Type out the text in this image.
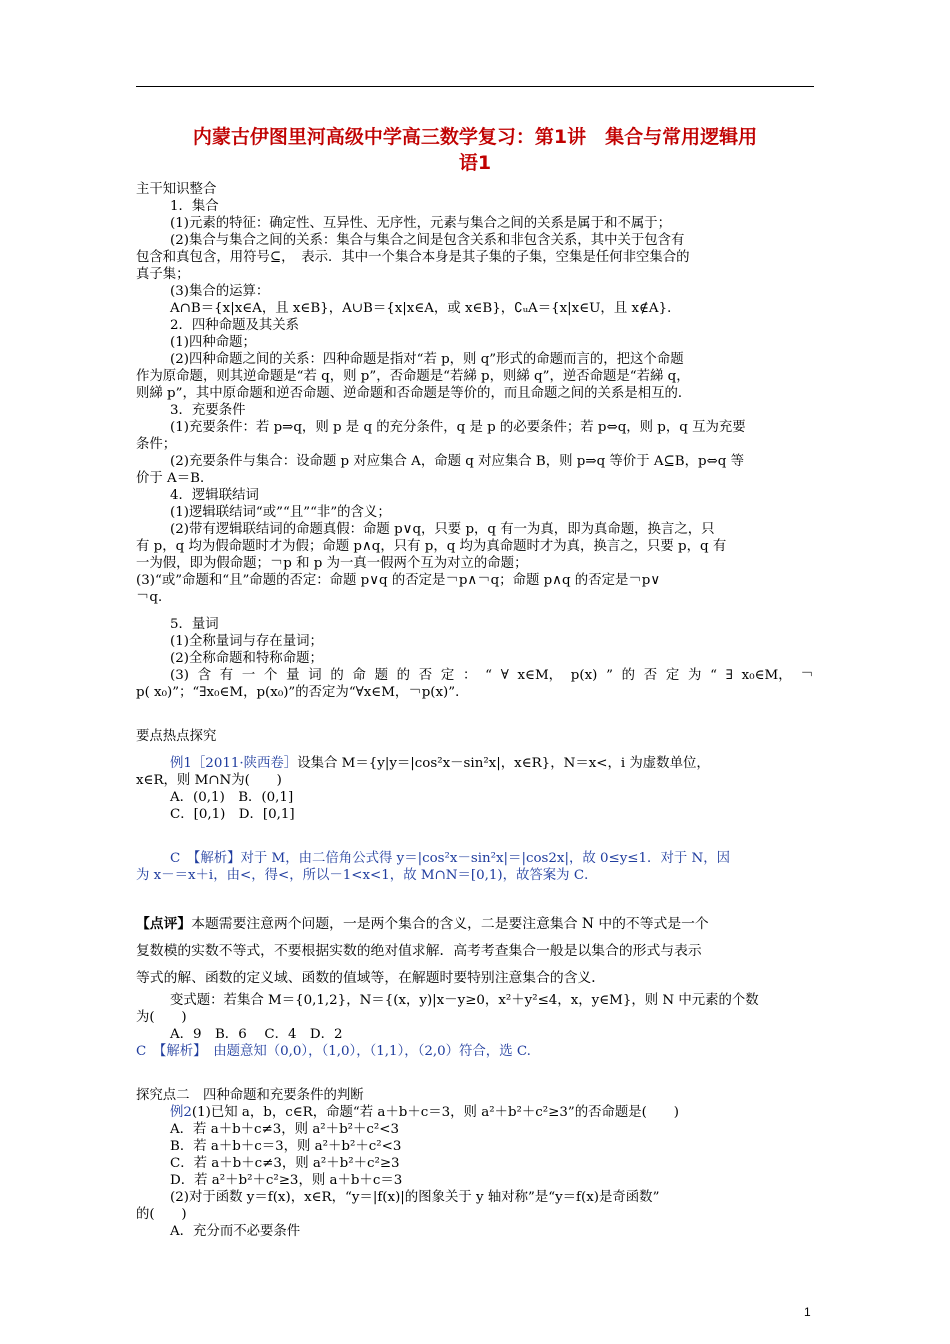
内蒙古伊图里河高级中学高三数学复习：第1讲　集合与常用逻辑用
语1
主干知识整合
1．集合
(1)元素的特征：确定性、互异性、无序性，元素与集合之间的关系是属于和不属于；
(2)集合与集合之间的关系：集合与集合之间是包含关系和非包含关系，其中关于包含有
包含和真包含，用符号⊆，　表示．其中一个集合本身是其子集的子集，空集是任何非空集合的
真子集；
(3)集合的运算：
A∩B＝{x|x∈A，且 x∈B}，A∪B＝{x|x∈A，或 x∈B}，∁ᵤA＝{x|x∈U，且 x∉A}．
2．四种命题及其关系
(1)四种命题；
(2)四种命题之间的关系：四种命题是指对“若 p，则 q”形式的命题而言的，把这个命题
作为原命题，则其逆命题是“若 q，则 p”，否命题是“若綈 p，则綈 q”，逆否命题是“若綈 q，
则綈 p”，其中原命题和逆否命题、逆命题和否命题是等价的，而且命题之间的关系是相互的．
3．充要条件
(1)充要条件：若 p⇒q，则 p 是 q 的充分条件，q 是 p 的必要条件；若 p⇔q，则 p，q 互为充要
条件；
(2)充要条件与集合：设命题 p 对应集合 A，命题 q 对应集合 B，则 p⇒q 等价于 A⊆B，p⇔q 等
价于 A＝B．
4．逻辑联结词
(1)逻辑联结词“或”“且”“非”的含义；
(2)带有逻辑联结词的命题真假：命题 p∨q，只要 p，q 有一为真，即为真命题，换言之，只
有 p，q 均为假命题时才为假；命题 p∧q，只有 p，q 均为真命题时才为真，换言之，只要 p，q 有
一为假，即为假命题；￢p 和 p 为一真一假两个互为对立的命题；
(3)“或”命题和“且”命题的否定：命题 p∨q 的否定是￢p∧￢q；命题 p∧q 的否定是￢p∨
￢q．
5．量词
(1)全称量词与存在量词；
(2)全称命题和特称命题；
(3) 含 有 一 个 量 词 的 命 题 的 否 定 ： “ ∀ x∈M， p(x) ” 的 否 定 为 “ ∃ x₀∈M， ￢
p( x₀)”；“∃x₀∈M，p(x₀)”的否定为“∀x∈M，￢p(x)”．
要点热点探究
例1［2011·陕西卷］设集合 M＝{y|y＝|cos²x－sin²x|，x∈R}，N＝x<，i 为虚数单位，
x∈R，则 M∩N为(　　)
A．(0,1)　B．(0,1]
C．[0,1)　D．[0,1]
C　【解析】对于 M，由二倍角公式得 y＝|cos²x－sin²x|＝|cos2x|，故 0≤y≤1．对于 N，因
为 x－＝x＋i，由<，得<，所以－1<x<1，故 M∩N＝[0,1)，故答案为 C．
【点评】本题需要注意两个问题，一是两个集合的含义，二是要注意集合 N 中的不等式是一个
复数模的实数不等式，不要根据实数的绝对值求解．高考考查集合一般是以集合的形式与表示
等式的解、函数的定义域、函数的值域等，在解题时要特别注意集合的含义．
变式题：若集合 M＝{0,1,2}，N＝{(x，y)|x－y≥0，x²＋y²≤4，x，y∈M}，则 N 中元素的个数
为(　　)
A．9　B．6　 C．4　D．2
C　【解析】　由题意知（0,0），（1,0），（1,1），（2,0）符合，选 C.
探究点二　四种命题和充要条件的判断
例2(1)已知 a，b，c∈R，命题“若 a＋b＋c＝3，则 a²＋b²＋c²≥3”的否命题是(　　)
A．若 a＋b＋c≠3，则 a²＋b²＋c²<3
B．若 a＋b＋c＝3，则 a²＋b²＋c²<3
C．若 a＋b＋c≠3，则 a²＋b²＋c²≥3
D．若 a²＋b²＋c²≥3，则 a＋b＋c＝3
(2)对于函数 y＝f(x)，x∈R，“y＝|f(x)|的图象关于 y 轴对称”是“y＝f(x)是奇函数”
的(　　)
A．充分而不必要条件
1
